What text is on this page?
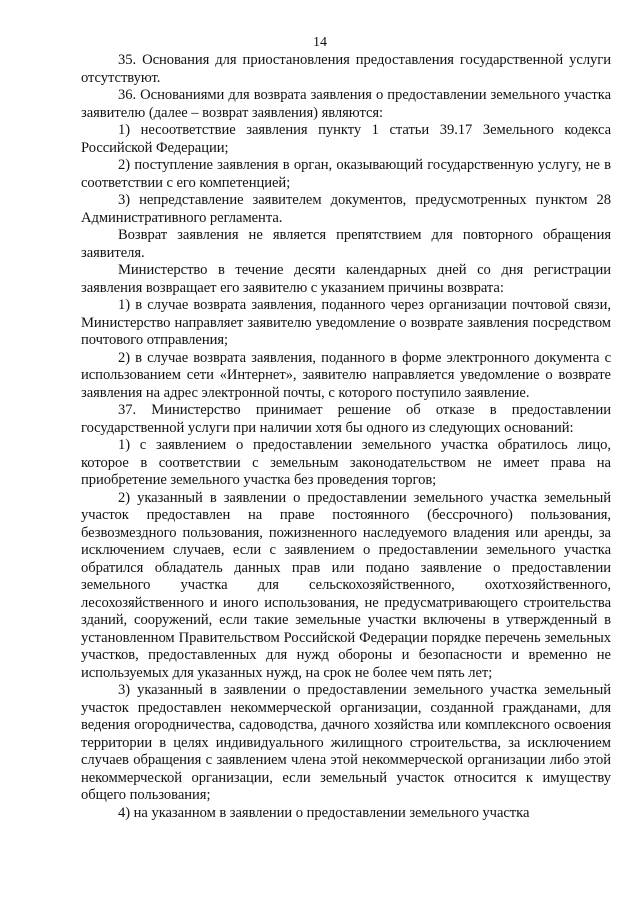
14

35. Основания для приостановления предоставления государственной услуги отсутствуют.

36. Основаниями для возврата заявления о предоставлении земельного участка заявителю (далее – возврат заявления) являются:

1) несоответствие заявления пункту 1 статьи 39.17 Земельного кодекса Российской Федерации;

2) поступление заявления в орган, оказывающий государственную услугу, не в соответствии с его компетенцией;

3) непредставление заявителем документов, предусмотренных пунктом 28 Административного регламента.

Возврат заявления не является препятствием для повторного обращения заявителя.

Министерство в течение десяти календарных дней со дня регистрации заявления возвращает его заявителю с указанием причины возврата:

1) в случае возврата заявления, поданного через организации почтовой связи, Министерство направляет заявителю уведомление о возврате заявления посредством почтового отправления;

2) в случае возврата заявления, поданного в форме электронного документа с использованием сети «Интернет», заявителю направляется уведомление о возврате заявления на адрес электронной почты, с которого поступило заявление.

37. Министерство принимает решение об отказе в предоставлении государственной услуги при наличии хотя бы одного из следующих оснований:

1) с заявлением о предоставлении земельного участка обратилось лицо, которое в соответствии с земельным законодательством не имеет права на приобретение земельного участка без проведения торгов;

2) указанный в заявлении о предоставлении земельного участка земельный участок предоставлен на праве постоянного (бессрочного) пользования, безвозмездного пользования, пожизненного наследуемого владения или аренды, за исключением случаев, если с заявлением о предоставлении земельного участка обратился обладатель данных прав или подано заявление о предоставлении земельного участка для сельскохозяйственного, охотхозяйственного, лесохозяйственного и иного использования, не предусматривающего строительства зданий, сооружений, если такие земельные участки включены в утвержденный в установленном Правительством Российской Федерации порядке перечень земельных участков, предоставленных для нужд обороны и безопасности и временно не используемых для указанных нужд, на срок не более чем пять лет;

3) указанный в заявлении о предоставлении земельного участка земельный участок предоставлен некоммерческой организации, созданной гражданами, для ведения огородничества, садоводства, дачного хозяйства или комплексного освоения территории в целях индивидуального жилищного строительства, за исключением случаев обращения с заявлением члена этой некоммерческой организации либо этой некоммерческой организации, если земельный участок относится к имуществу общего пользования;

4) на указанном в заявлении о предоставлении земельного участка
